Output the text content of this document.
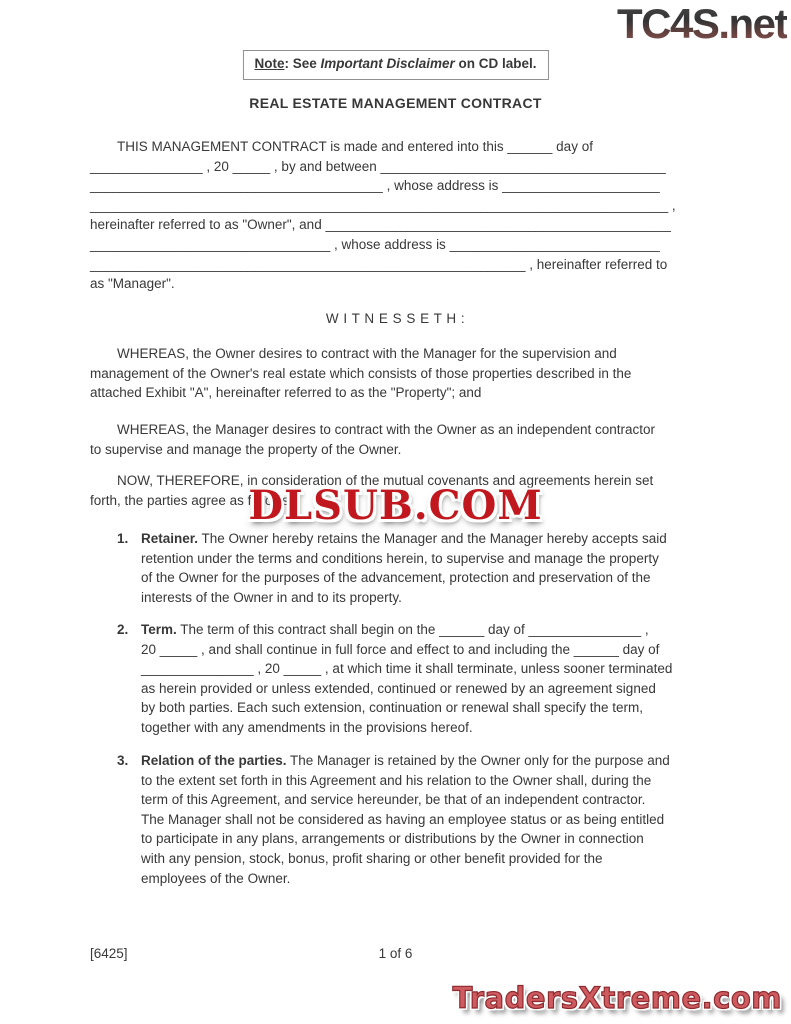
TC4S.net
Note: See Important Disclaimer on CD label.
REAL ESTATE MANAGEMENT CONTRACT
THIS MANAGEMENT CONTRACT is made and entered into this ______ day of
_______________ , 20 _____ , by and between ______________________________________
_______________________________________ , whose address is _____________________
_____________________________________________________________________________ ,
hereinafter referred to as "Owner", and ______________________________________________
________________________________ , whose address is ____________________________
__________________________________________________________ , hereinafter referred to
as "Manager".
W I T N E S S E T H :
WHEREAS, the Owner desires to contract with the Manager for the supervision and
management of the Owner's real estate which consists of those properties described in the
attached Exhibit "A", hereinafter referred to as the "Property"; and
WHEREAS, the Manager desires to contract with the Owner as an independent contractor
to supervise and manage the property of the Owner.
NOW, THEREFORE, in consideration of the mutual covenants and agreements herein set
forth, the parties agree as follows:
DLSUB.COM
1. Retainer. The Owner hereby retains the Manager and the Manager hereby accepts said
retention under the terms and conditions herein, to supervise and manage the property
of the Owner for the purposes of the advancement, protection and preservation of the
interests of the Owner in and to its property.
2. Term. The term of this contract shall begin on the ______ day of _______________ ,
20 _____ , and shall continue in full force and effect to and including the ______ day of
_______________ , 20 _____ , at which time it shall terminate, unless sooner terminated
as herein provided or unless extended, continued or renewed by an agreement signed
by both parties. Each such extension, continuation or renewal shall specify the term,
together with any amendments in the provisions hereof.
3. Relation of the parties. The Manager is retained by the Owner only for the purpose and
to the extent set forth in this Agreement and his relation to the Owner shall, during the
term of this Agreement, and service hereunder, be that of an independent contractor.
The Manager shall not be considered as having an employee status or as being entitled
to participate in any plans, arrangements or distributions by the Owner in connection
with any pension, stock, bonus, profit sharing or other benefit provided for the
employees of the Owner.
[6425]	1 of 6
TradersXtreme.com
